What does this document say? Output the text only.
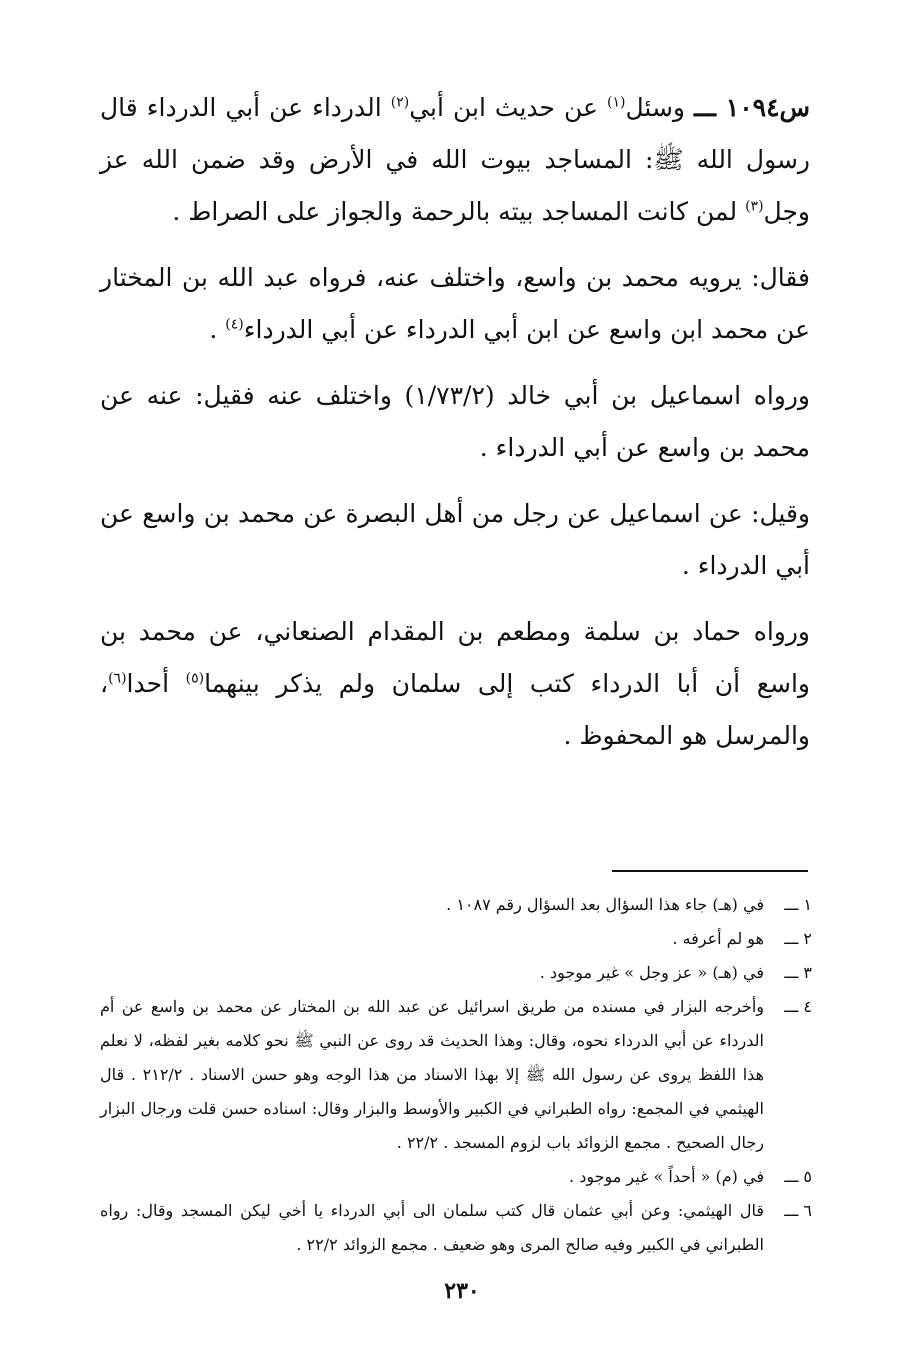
س١٠٩٤ ـــ وسئل$^{(١)}$ عن حديث ابن أبي$^{(٢)}$ الدرداء عن أبي الدرداء قال رسول الله ﷺ: المساجد بيوت الله في الأرض وقد ضمن الله عز وجل$^{(٣)}$ لمن كانت المساجد بيته بالرحمة والجواز على الصراط .

فقال: يرويه محمد بن واسع، واختلف عنه، فرواه عبد الله بن المختار عن محمد ابن واسع عن ابن أبي الدرداء عن أبي الدرداء$^{(٤)}$ .

ورواه اسماعيل بن أبي خالد (١/٧٣/٢) واختلف عنه فقيل: عنه عن محمد بن واسع عن أبي الدرداء .

وقيل: عن اسماعيل عن رجل من أهل البصرة عن محمد بن واسع عن أبي الدرداء .

ورواه حماد بن سلمة ومطعم بن المقدام الصنعاني، عن محمد بن واسع أن أبا الدرداء كتب إلى سلمان ولم يذكر بينهما$^{(٥)}$ أحدا$^{(٦)}$، والمرسل هو المحفوظ .

١ ـــ
في (هـ) جاء هذا السؤال بعد السؤال رقم ١٠٨٧ .
٢ ـــ
هو لم أعرفه .
٣ ـــ
في (هـ) « عز وجل » غير موجود .
٤ ـــ
وأخرجه البزار في مسنده من طريق اسرائيل عن عبد الله بن المختار عن محمد بن واسع عن أم الدرداء عن أبي الدرداء نحوه، وقال: وهذا الحديث قد روى عن النبي ﷺ نحو كلامه بغير لفظه، لا نعلم هذا اللفظ يروى عن رسول الله ﷺ إلا بهذا الاسناد من هذا الوجه وهو حسن الاسناد . ٢١٢/٢ . قال الهيثمي في المجمع: رواه الطبراني في الكبير والأوسط والبزار وقال: اسناده حسن قلت ورجال البزار رجال الصحيح . مجمع الزوائد باب لزوم المسجد . ٢٢/٢ .
٥ ـــ
في (م) « أحداً » غير موجود .
٦ ـــ
قال الهيثمي: وعن أبي عثمان قال كتب سلمان الى أبي الدرداء يا أخي ليكن المسجد وقال: رواه الطبراني في الكبير وفيه صالح المرى وهو ضعيف . مجمع الزوائد ٢٢/٢ .
٢٣٠
